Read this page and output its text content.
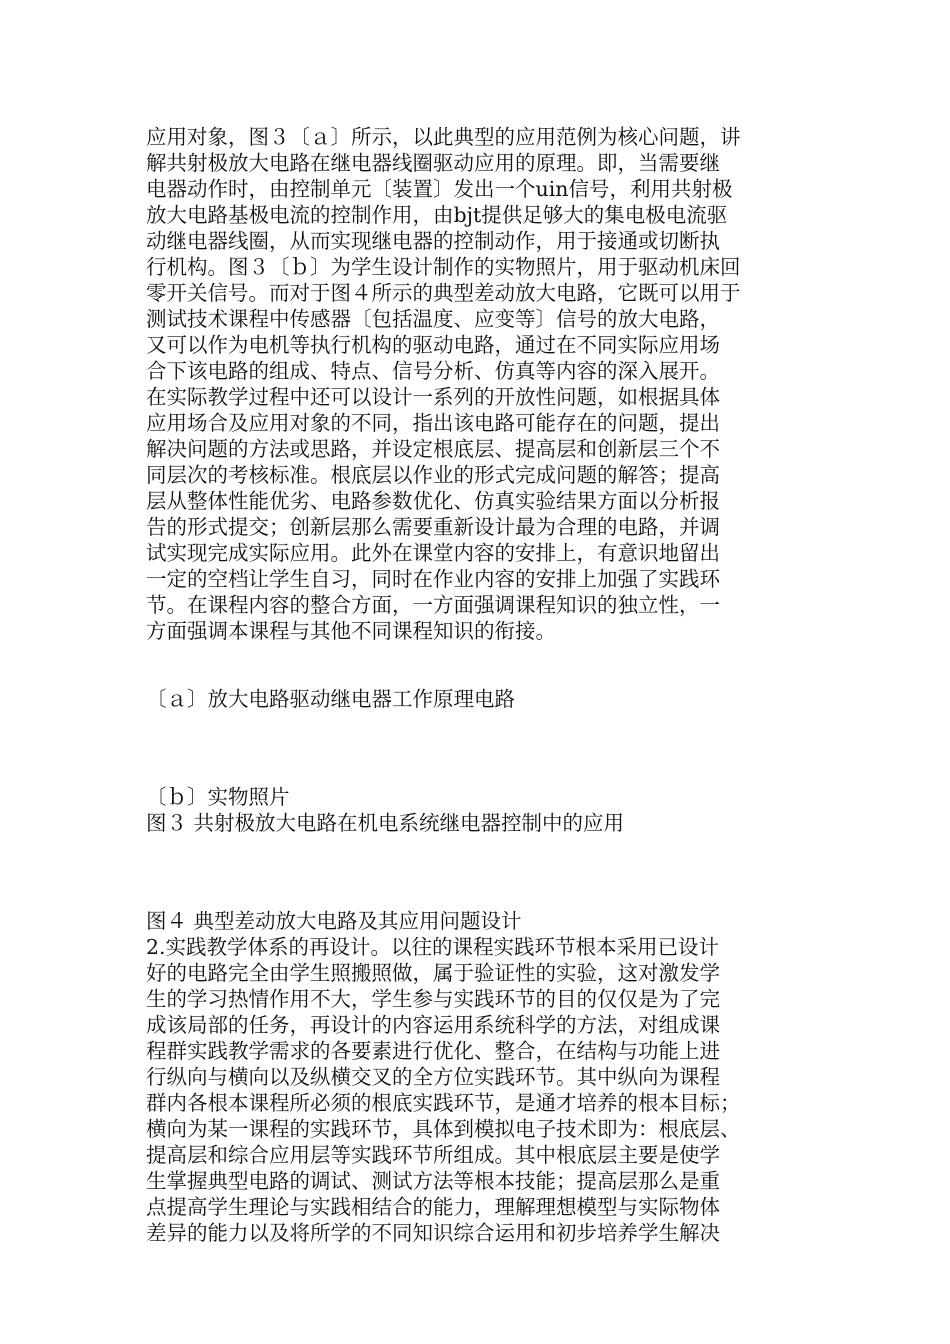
应用对象，图３〔ａ〕所示，以此典型的应用范例为核心问题，讲
解共射极放大电路在继电器线圈驱动应用的原理。即，当需要继
电器动作时，由控制单元〔装置〕发出一个uin信号，利用共射极
放大电路基极电流的控制作用，由bjt提供足够大的集电极电流驱
动继电器线圈，从而实现继电器的控制动作，用于接通或切断执
行机构。图３〔ｂ〕为学生设计制作的实物照片，用于驱动机床回
零开关信号。而对于图４所示的典型差动放大电路，它既可以用于
测试技术课程中传感器〔包括温度、应变等〕信号的放大电路，
又可以作为电机等执行机构的驱动电路，通过在不同实际应用场
合下该电路的组成、特点、信号分析、仿真等内容的深入展开。
在实际教学过程中还可以设计一系列的开放性问题，如根据具体
应用场合及应用对象的不同，指出该电路可能存在的问题，提出
解决问题的方法或思路，并设定根底层、提高层和创新层三个不
同层次的考核标准。根底层以作业的形式完成问题的解答；提高
层从整体性能优劣、电路参数优化、仿真实验结果方面以分析报
告的形式提交；创新层那么需要重新设计最为合理的电路，并调
试实现完成实际应用。此外在课堂内容的安排上，有意识地留出
一定的空档让学生自习，同时在作业内容的安排上加强了实践环
节。在课程内容的整合方面，一方面强调课程知识的独立性，一
方面强调本课程与其他不同课程知识的衔接。
〔ａ〕放大电路驱动继电器工作原理电路
〔ｂ〕实物照片
图３ 共射极放大电路在机电系统继电器控制中的应用
图４ 典型差动放大电路及其应用问题设计
2.实践教学体系的再设计。以往的课程实践环节根本采用已设计
好的电路完全由学生照搬照做，属于验证性的实验，这对激发学
生的学习热情作用不大，学生参与实践环节的目的仅仅是为了完
成该局部的任务，再设计的内容运用系统科学的方法，对组成课
程群实践教学需求的各要素进行优化、整合，在结构与功能上进
行纵向与横向以及纵横交叉的全方位实践环节。其中纵向为课程
群内各根本课程所必须的根底实践环节，是通才培养的根本目标；
横向为某一课程的实践环节，具体到模拟电子技术即为：根底层、
提高层和综合应用层等实践环节所组成。其中根底层主要是使学
生掌握典型电路的调试、测试方法等根本技能；提高层那么是重
点提高学生理论与实践相结合的能力，理解理想模型与实际物体
差异的能力以及将所学的不同知识综合运用和初步培养学生解决
